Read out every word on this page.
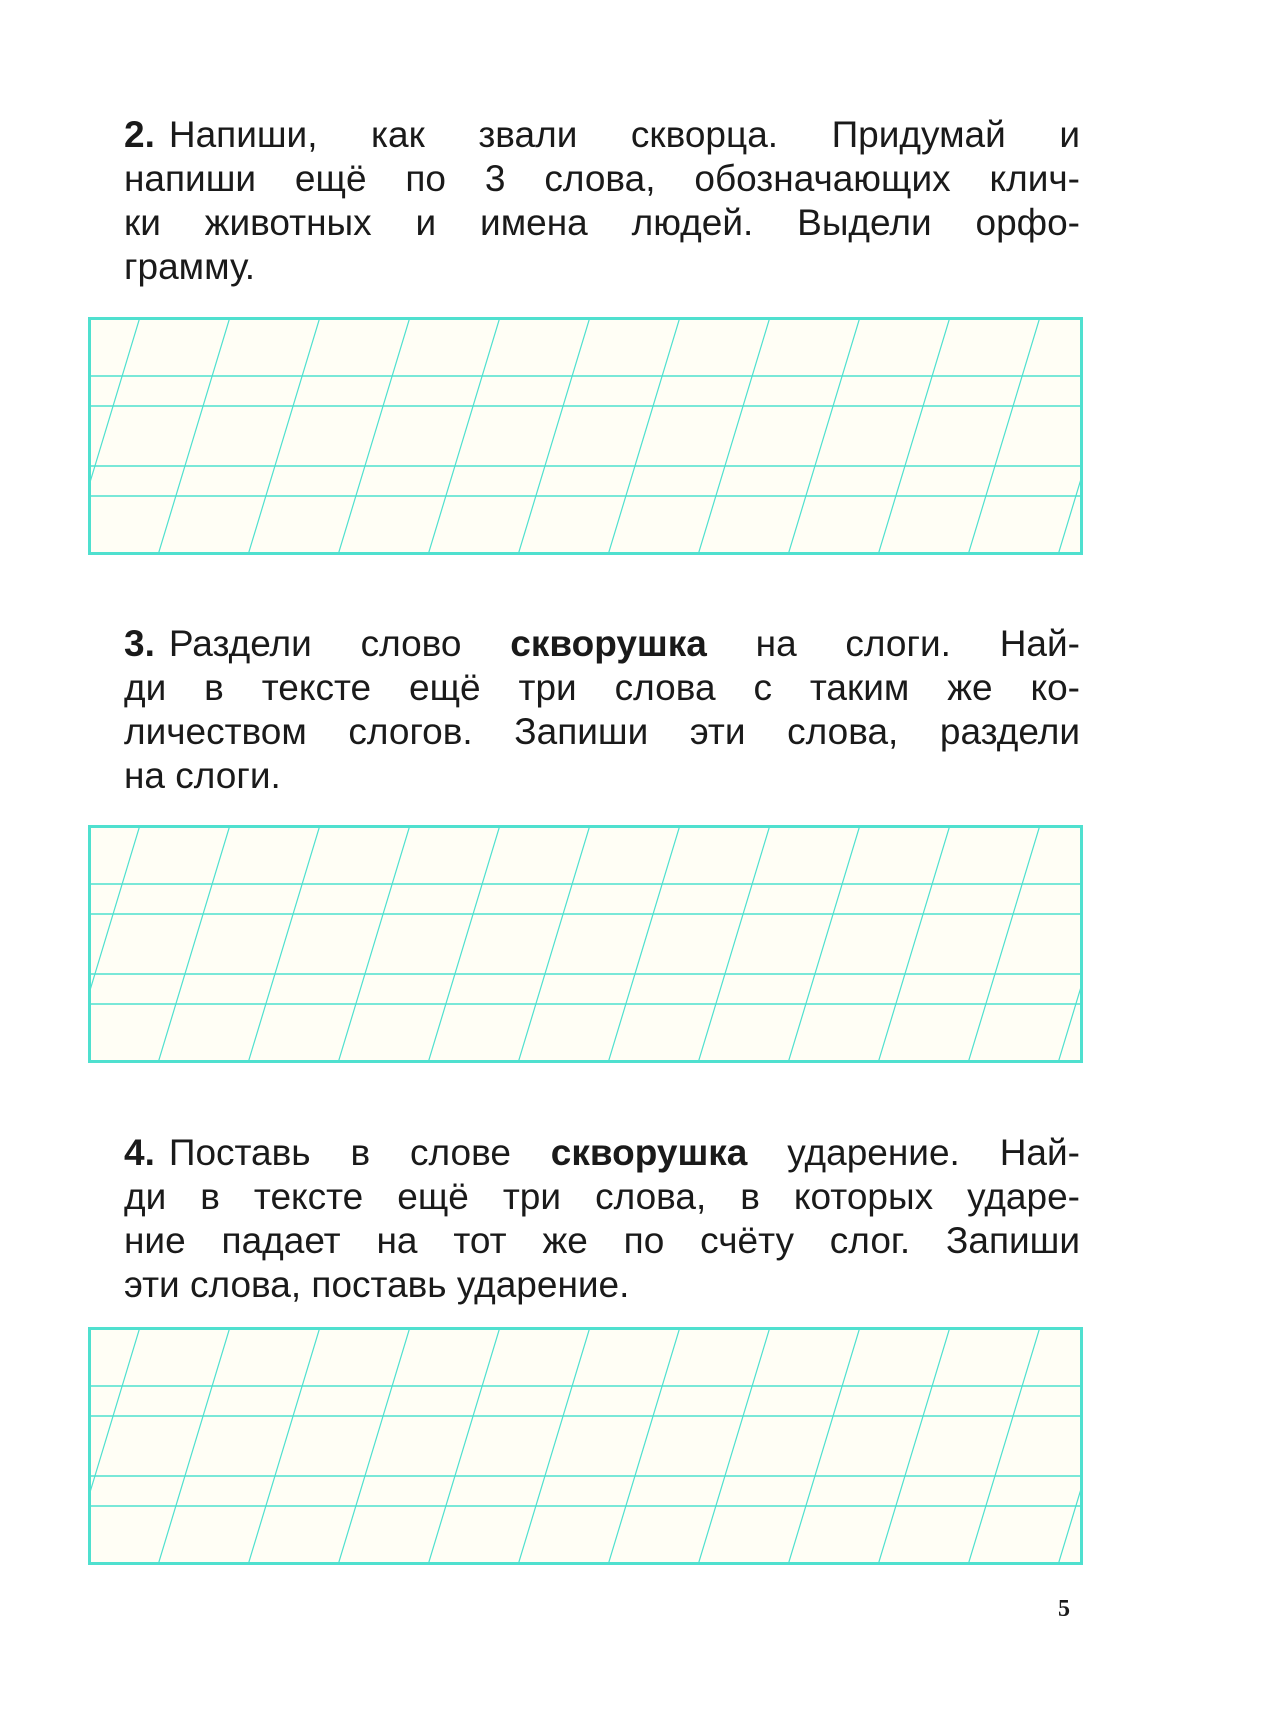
2. Напиши, как звали скворца. Придумай и
напиши ещё по 3 слова, обозначающих клич-
ки животных и имена людей. Выдели орфо-
грамму.
3. Раздели слово скворушка на слоги. Най-
ди в тексте ещё три слова с таким же ко-
личеством слогов. Запиши эти слова, раздели
на слоги.
4. Поставь в слове скворушка ударение. Най-
ди в тексте ещё три слова, в которых ударе-
ние падает на тот же по счёту слог. Запиши
эти слова, поставь ударение.
5
